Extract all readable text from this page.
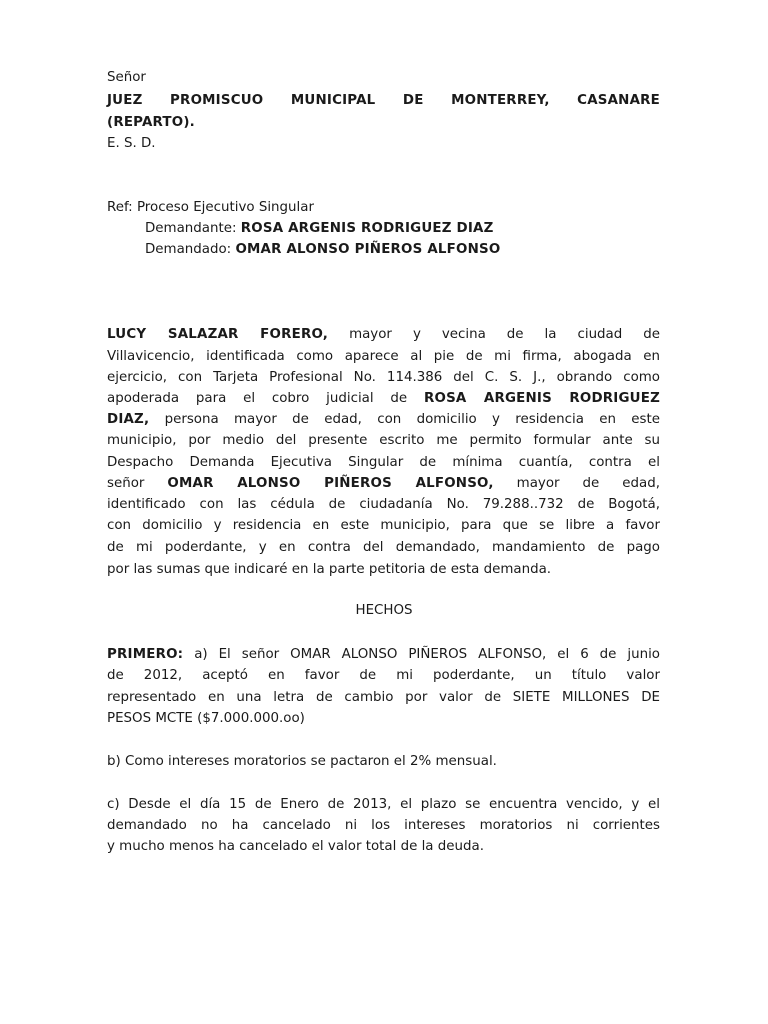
Señor
JUEZ PROMISCUO MUNICIPAL DE MONTERREY, CASANARE
(REPARTO).
E. S. D.
Ref: Proceso Ejecutivo Singular
Demandante: ROSA ARGENIS RODRIGUEZ DIAZ
Demandado: OMAR ALONSO PIÑEROS ALFONSO
LUCY SALAZAR FORERO, mayor y vecina de la ciudad de
Villavicencio, identificada como aparece al pie de mi firma, abogada en
ejercicio, con Tarjeta Profesional No. 114.386 del C. S. J., obrando como
apoderada para el cobro judicial de ROSA ARGENIS RODRIGUEZ
DIAZ, persona mayor de edad, con domicilio y residencia en este
municipio, por medio del presente escrito me permito formular ante su
Despacho Demanda Ejecutiva Singular de mínima cuantía, contra el
señor OMAR ALONSO PIÑEROS ALFONSO, mayor de edad,
identificado con las cédula de ciudadanía No. 79.288..732 de Bogotá,
con domicilio y residencia en este municipio, para que se libre a favor
de mi poderdante, y en contra del demandado, mandamiento de pago
por las sumas que indicaré en la parte petitoria de esta demanda.
HECHOS
PRIMERO: a) El señor OMAR ALONSO PIÑEROS ALFONSO, el 6 de junio
de 2012, aceptó en favor de mi poderdante, un título valor
representado en una letra de cambio por valor de SIETE MILLONES DE
PESOS MCTE ($7.000.000.oo)
b) Como intereses moratorios se pactaron el 2% mensual.
c) Desde el día 15 de Enero de 2013, el plazo se encuentra vencido, y el
demandado no ha cancelado ni los intereses moratorios ni corrientes
y mucho menos ha cancelado el valor total de la deuda.
